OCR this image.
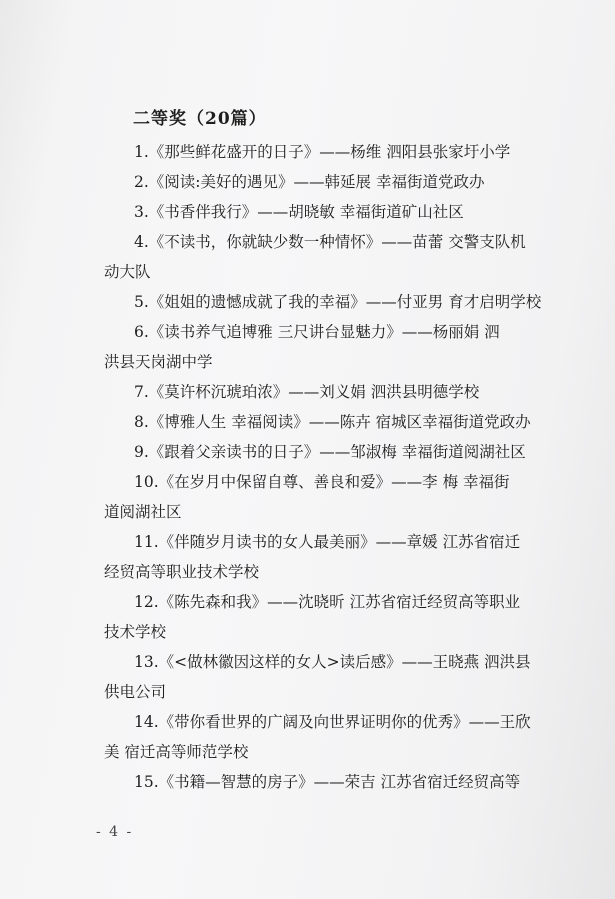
二等奖（20篇）
1.《那些鲜花盛开的日子》——杨维 泗阳县张家圩小学
2.《阅读:美好的遇见》——韩延展 幸福街道党政办
3.《书香伴我行》——胡晓敏 幸福街道矿山社区
4.《不读书，你就缺少数一种情怀》——苗蕾 交警支队机
动大队
5.《姐姐的遗憾成就了我的幸福》——付亚男 育才启明学校
6.《读书养气追博雅 三尺讲台显魅力》——杨丽娟 泗
洪县天岗湖中学
7.《莫许杯沉琥珀浓》——刘义娟 泗洪县明德学校
8.《博雅人生 幸福阅读》——陈卉 宿城区幸福街道党政办
9.《跟着父亲读书的日子》——邹淑梅 幸福街道阅湖社区
10.《在岁月中保留自尊、善良和爱》——李 梅 幸福街
道阅湖社区
11.《伴随岁月读书的女人最美丽》——章媛 江苏省宿迁
经贸高等职业技术学校
12.《陈先森和我》——沈晓昕 江苏省宿迁经贸高等职业
技术学校
13.《<做林徽因这样的女人>读后感》——王晓燕 泗洪县
供电公司
14.《带你看世界的广阔及向世界证明你的优秀》——王欣
美 宿迁高等师范学校
15.《书籍—智慧的房子》——荣吉 江苏省宿迁经贸高等
- 4 -
